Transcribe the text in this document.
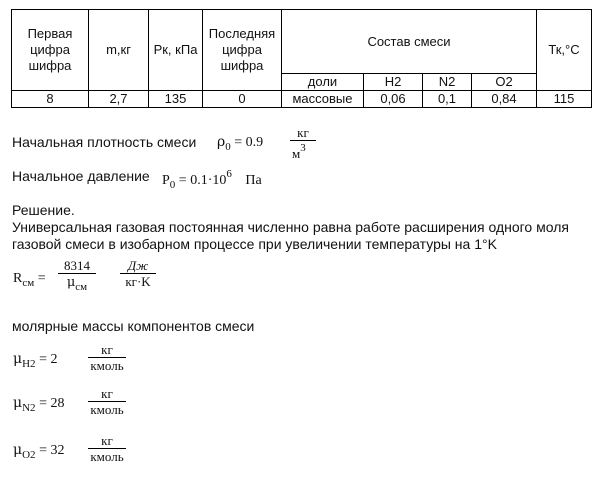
Первая цифра шифра	m,кг	Pк, кПа	Последняя цифра шифра	Состав смеси				Тк,°C
				доли	H2	N2	O2	
8	2,7	135	0	массовые	0,06	0,1	0,84	115
Начальная плотность смеси $\rho_0 = 0.9$
кг
$м^3$
Начальное давление $P_0 = 0.1\cdot 10^6$ Па
Решение.
Универсальная газовая постоянная численно равна работе расширения одного моля
газовой смеси в изобарном процессе при увеличении температуры на 1°K
$R_{см}$ =
8314
$\mu_{см}$
Дж
кг·K
молярные массы компонентов смеси
$\mu_{H2} = 2$
кг
кмоль
$\mu_{N2} = 28$
кг
кмоль
$\mu_{O2} = 32$
кг
кмоль
